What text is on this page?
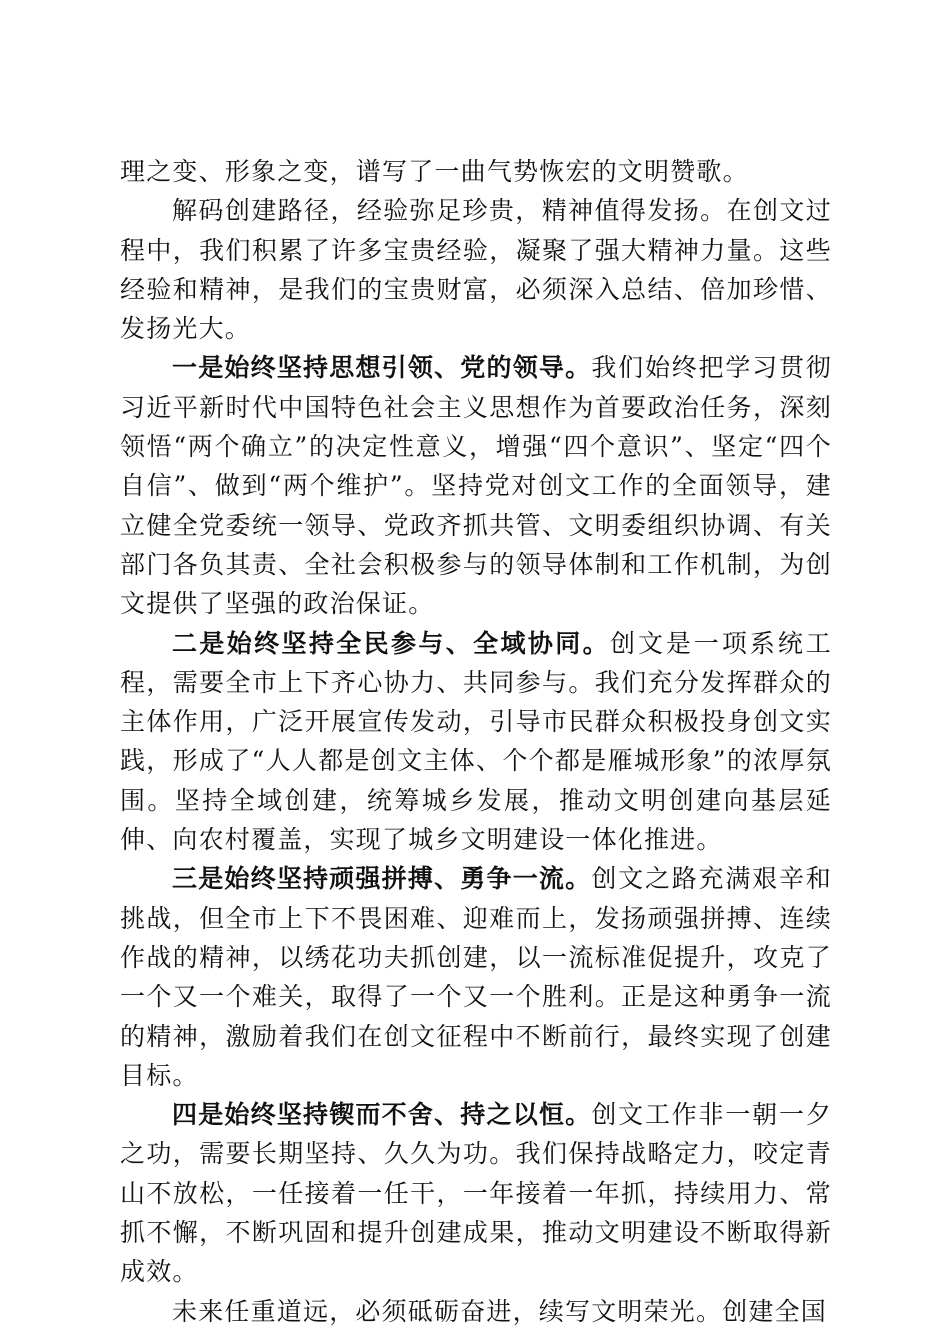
理之变、形象之变，谱写了一曲气势恢宏的文明赞歌。

解码创建路径，经验弥足珍贵，精神值得发扬。在创文过程中，我们积累了许多宝贵经验，凝聚了强大精神力量。这些经验和精神，是我们的宝贵财富，必须深入总结、倍加珍惜、发扬光大。

一是始终坚持思想引领、党的领导。我们始终把学习贯彻习近平新时代中国特色社会主义思想作为首要政治任务，深刻领悟“两个确立”的决定性意义，增强“四个意识”、坚定“四个自信”、做到“两个维护”。坚持党对创文工作的全面领导，建立健全党委统一领导、党政齐抓共管、文明委组织协调、有关部门各负其责、全社会积极参与的领导体制和工作机制，为创文提供了坚强的政治保证。

二是始终坚持全民参与、全域协同。创文是一项系统工程，需要全市上下齐心协力、共同参与。我们充分发挥群众的主体作用，广泛开展宣传发动，引导市民群众积极投身创文实践，形成了“人人都是创文主体、个个都是雁城形象”的浓厚氛围。坚持全域创建，统筹城乡发展，推动文明创建向基层延伸、向农村覆盖，实现了城乡文明建设一体化推进。

三是始终坚持顽强拼搏、勇争一流。创文之路充满艰辛和挑战，但全市上下不畏困难、迎难而上，发扬顽强拼搏、连续作战的精神，以绣花功夫抓创建，以一流标准促提升，攻克了一个又一个难关，取得了一个又一个胜利。正是这种勇争一流的精神，激励着我们在创文征程中不断前行，最终实现了创建目标。

四是始终坚持锲而不舍、持之以恒。创文工作非一朝一夕之功，需要长期坚持、久久为功。我们保持战略定力，咬定青山不放松，一任接着一任干，一年接着一年抓，持续用力、常抓不懈，不断巩固和提升创建成果，推动文明建设不断取得新成效。

未来任重道远，必须砥砺奋进，续写文明荣光。创建全国
